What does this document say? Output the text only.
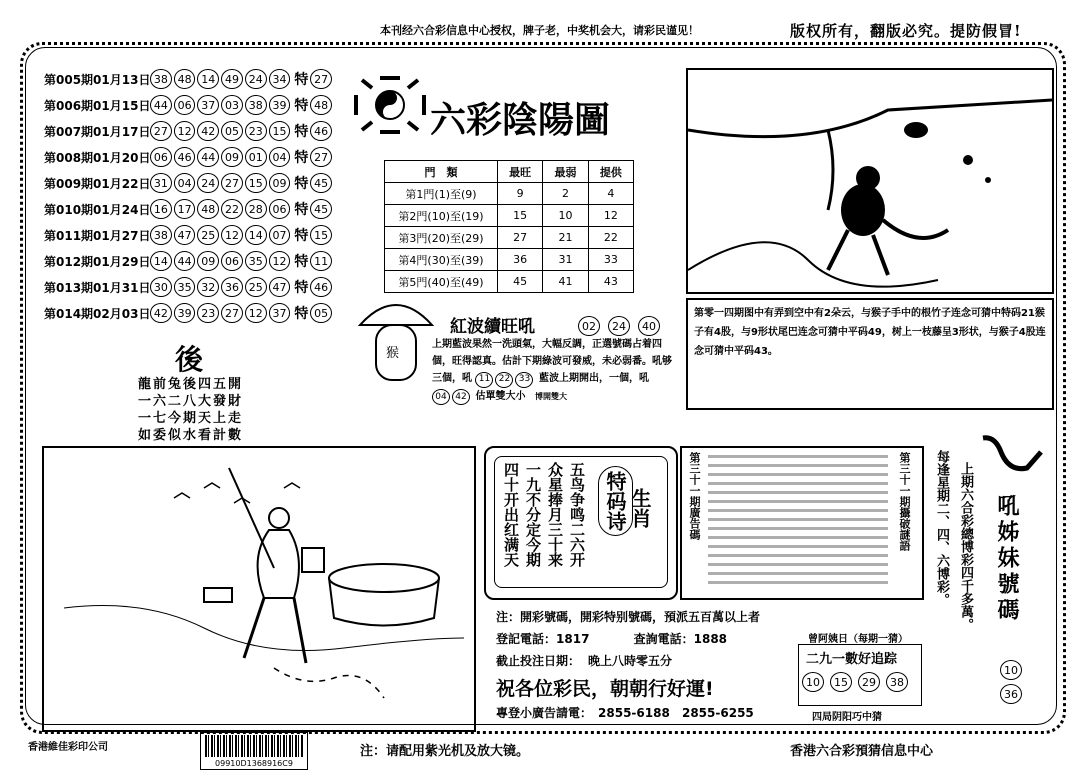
本刊经六合彩信息中心授权，牌子老，中奖机会大，请彩民谨见！	版权所有，翻版必究。提防假冒!
第005期01月13日 38 48 14 49 24 34 特 27
第006期01月15日 44 06 37 03 38 39 特 48
第007期01月17日 27 12 42 05 23 15 特 46
第008期01月20日 06 46 44 09 01 04 特 27
第009期01月22日 31 04 24 27 15 09 特 45
第010期01月24日 16 17 48 22 28 06 特 45
第011期01月27日 38 47 25 12 14 07 特 15
第012期01月29日 14 44 09 06 35 12 特 11
第013期01月31日 30 35 32 36 25 47 特 46
第014期02月03日 42 39 23 27 12 37 特 05
六彩陰陽圖
門　類	最旺	最弱	提供
第1門(1)至(9)	9	2	4
第2門(10)至(19)	15	10	12
第3門(20)至(29)	27	21	22
第4門(30)至(39)	36	31	33
第5門(40)至(49)	45	41	43
第零一四期图中有弄到空中有2朵云，与猴子手中的根竹子连念可猜中特码21猴子有4股，与9形状尾巴连念可猜中平码49，树上一枝藤呈3形状，与猴子4股连念可猜中平码43。
後
龍前兔後四五開
一六二八大發財
一七今期天上走
如委似水看計數
猴
紅波續旺吼	02	24	40
上期藍波果然一洗頭氣，大幅反調，正選號碼占着四個，旺得認真。估計下期綠波可發威，未必弱番。吼够三個，吼 11 22 33 藍波上期開出，一個，吼 04 42 估單雙大小 博開雙大
五鸟争鸣二六开
众星捧月三十来
一九不分定今期
四十开出红满天	特码诗 生肖	第三十一期廣告碼	第三十一期攝破謎語 每逢星期二、四、六博彩。 上期六合彩總博彩四千多萬。 吼姊妹號碼
10
36
注：開彩號碼，開彩特别號碼，預派五百萬以上者
登記電話：1817	查詢電話：1888
截止投注日期： 晚上八時零五分
祝各位彩民，朝朝行好運!
專登小廣告請電： 2855-6188 2855-6255
曾阿姨日（每期一猜）
二九一數好追踪
10	15	29	38
四局阴阳巧中猜
香港維佳彩印公司
09910D1368916C9
注：请配用紫光机及放大镜。	香港六合彩預猜信息中心
